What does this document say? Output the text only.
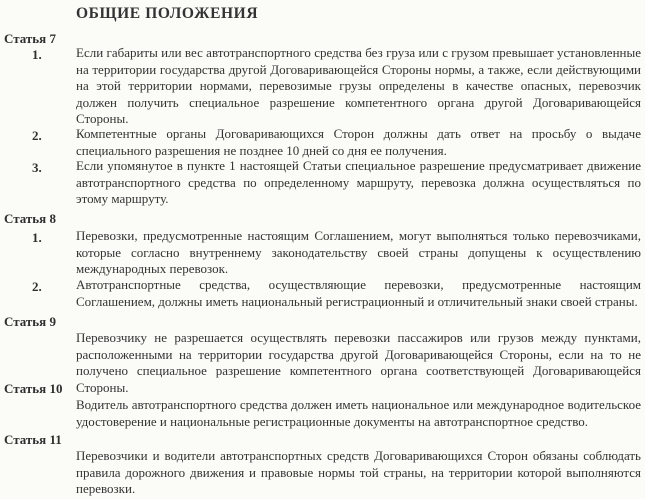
ОБЩИЕ ПОЛОЖЕНИЯ
Статья 7
1.	Если габариты или вес автотранспортного средства без груза или с грузом превышает установленные на территории государства другой Договаривающейся Стороны нормы, а также, если действующими на этой территории нормами, перевозимые грузы определены в качестве опасных, перевозчик должен получить специальное разрешение компетентного органа другой Договаривающейся Стороны.
2.	Компетентные органы Договаривающихся Сторон должны дать ответ на просьбу о выдаче специального разрешения не позднее 10 дней со дня ее получения.
3.	Если упомянутое в пункте 1 настоящей Статьи специальное разрешение предусматривает движение автотранспортного средства по определенному маршруту, перевозка должна осуществляться по этому маршруту.
Статья 8
1.	Перевозки, предусмотренные настоящим Соглашением, могут выполняться только перевозчиками, которые согласно внутреннему законодательству своей страны допущены к осуществлению международных перевозок.
2.	Автотранспортные средства, осуществляющие перевозки, предусмотренные настоящим Соглашением, должны иметь национальный регистрационный и отличительный знаки своей страны.
Статья 9
Перевозчику не разрешается осуществлять перевозки пассажиров или грузов между пунктами, расположенными на территории государства другой Договаривающейся Стороны, если на то не получено специальное разрешение компетентного органа соответствующей Договаривающейся Стороны.
Статья 10
Водитель автотранспортного средства должен иметь национальное или международное водительское удостоверение и национальные регистрационные документы на автотранспортное средство.
Статья 11
Перевозчики и водители автотранспортных средств Договаривающихся Сторон обязаны соблюдать правила дорожного движения и правовые нормы той страны, на территории которой выполняются перевозки.
